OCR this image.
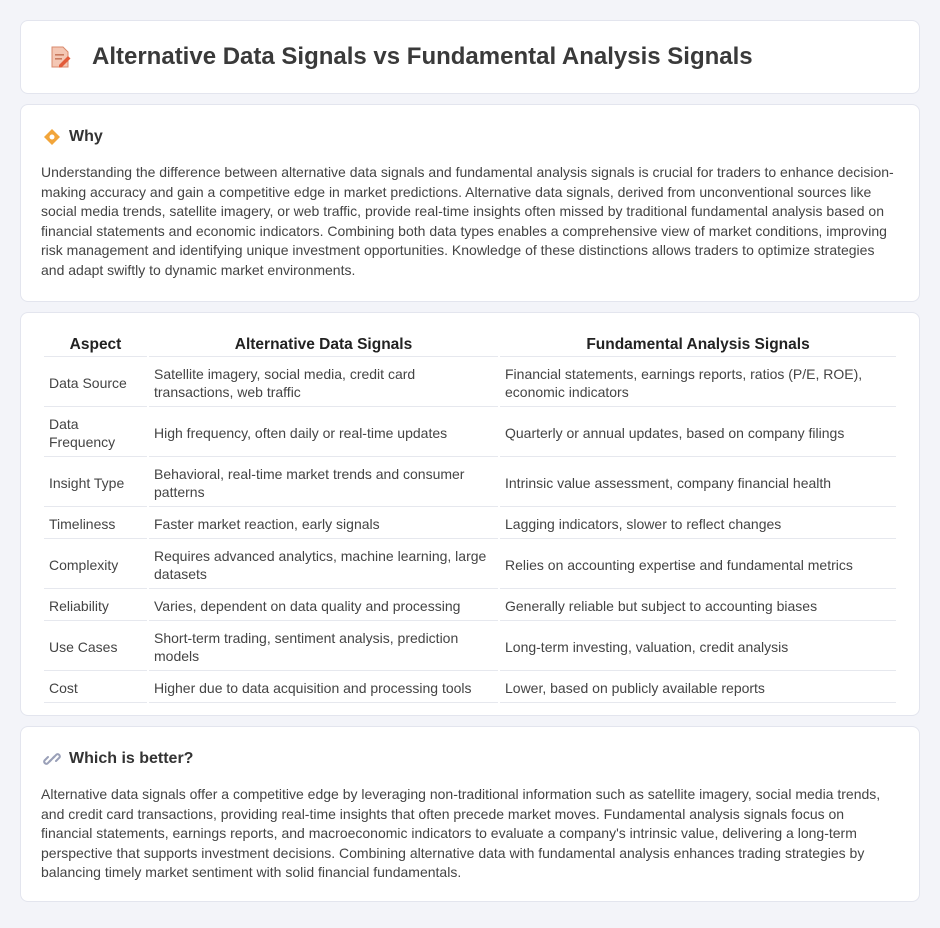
Alternative Data Signals vs Fundamental Analysis Signals
Why

Understanding the difference between alternative data signals and fundamental analysis signals is crucial for traders to enhance decision-making accuracy and gain a competitive edge in market predictions. Alternative data signals, derived from unconventional sources like social media trends, satellite imagery, or web traffic, provide real-time insights often missed by traditional fundamental analysis based on financial statements and economic indicators. Combining both data types enables a comprehensive view of market conditions, improving risk management and identifying unique investment opportunities. Knowledge of these distinctions allows traders to optimize strategies and adapt swiftly to dynamic market environments.

Aspect	Alternative Data Signals	Fundamental Analysis Signals
Data Source	Satellite imagery, social media, credit card transactions, web traffic	Financial statements, earnings reports, ratios (P/E, ROE), economic indicators
Data Frequency	High frequency, often daily or real-time updates	Quarterly or annual updates, based on company filings
Insight Type	Behavioral, real-time market trends and consumer patterns	Intrinsic value assessment, company financial health
Timeliness	Faster market reaction, early signals	Lagging indicators, slower to reflect changes
Complexity	Requires advanced analytics, machine learning, large datasets	Relies on accounting expertise and fundamental metrics
Reliability	Varies, dependent on data quality and processing	Generally reliable but subject to accounting biases
Use Cases	Short-term trading, sentiment analysis, prediction models	Long-term investing, valuation, credit analysis
Cost	Higher due to data acquisition and processing tools	Lower, based on publicly available reports
Which is better?

Alternative data signals offer a competitive edge by leveraging non-traditional information such as satellite imagery, social media trends, and credit card transactions, providing real-time insights that often precede market moves. Fundamental analysis signals focus on financial statements, earnings reports, and macroeconomic indicators to evaluate a company's intrinsic value, delivering a long-term perspective that supports investment decisions. Combining alternative data with fundamental analysis enhances trading strategies by balancing timely market sentiment with solid financial fundamentals.
